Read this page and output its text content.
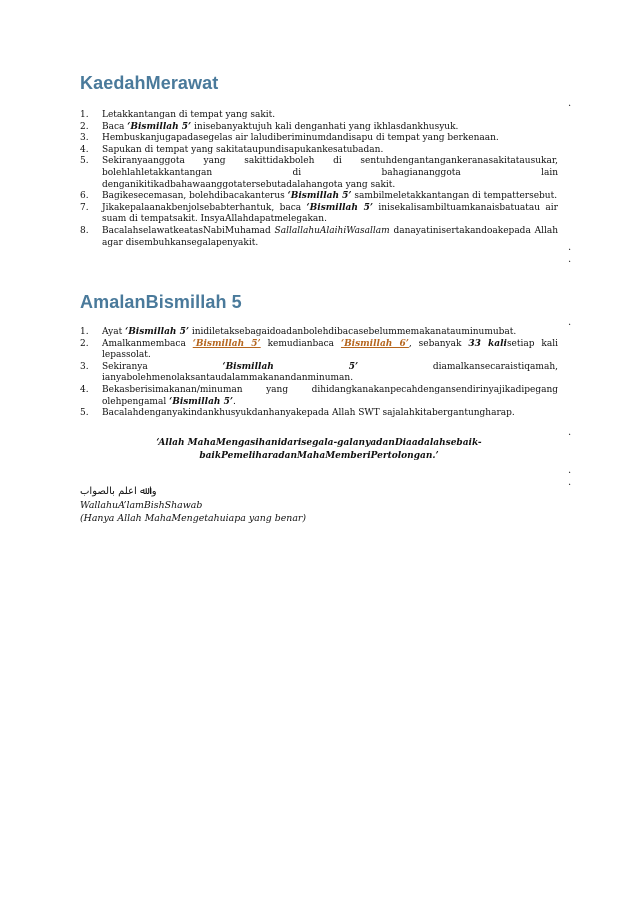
KaedahMerawat
.
1.	Letakkantangan di tempat yang sakit.
2.	Baca ‘Bismillah 5’ inisebanyaktujuh kali denganhati yang ikhlasdankhusyuk.
3.	Hembuskanjugapadasegelas air laludiberiminumdandisapu di tempat yang berkenaan.
4.	Sapukan di tempat yang sakitataupundisapukankesatubadan.
5.	Sekiranyaanggota yang sakittidakboleh di sentuhdengantangankeranasakitatausukar, bolehlahletakkantangan di bahagiananggota lain denganikitikadbahawaanggotatersebutadalahangota yang sakit.
6.	Bagikesecemasan, bolehdibacakanterus ‘Bismillah 5’ sambilmeletakkantangan di tempattersebut.
7.	Jikakepalaanakbenjolsebabterhantuk, baca ‘Bismillah 5’ inisekalisambiltuamkanaisbatuatau air suam di tempatsakit. InsyaAllahdapatmelegakan.
8.	BacalahselawatkeatasNabiMuhamad SallallahuAlaihiWasallam danayatinisertakandoakepada Allah agar disembuhkansegalapenyakit.	.
.
AmalanBismillah 5
.
1.	Ayat ‘Bismillah 5’ inidiletaksebagaidoadanbolehdibacasebelummemakanatauminumubat.
2.	Amalkanmembaca ‘Bismillah 5’ kemudianbaca ‘Bismillah 6’, sebanyak 33 kalisetiap kali lepassolat.
3.	Sekiranya ‘Bismillah 5’ diamalkansecaraistiqamah, ianyabolehmenolaksantaudalammakanandanminuman.
4.	Bekasberisimakanan/minuman yang dihidangkanakanpecahdengansendirinyajikadipegang olehpengamal ‘Bismillah 5’.
5.	Bacalahdenganyakindankhusyukdanhanyakepada Allah SWT sajalahkitabergantungharap.
.
‘Allah MahaMengasihanidarisegala-galanyadanDiaadalahsebaik-
baikPemeliharadanMahaMemberiPertolongan.’
.
.
وا ﷲ اعلم بالصواب
WallahuA’lamBishShawab
(Hanya Allah MahaMengetahuiapa yang benar)
